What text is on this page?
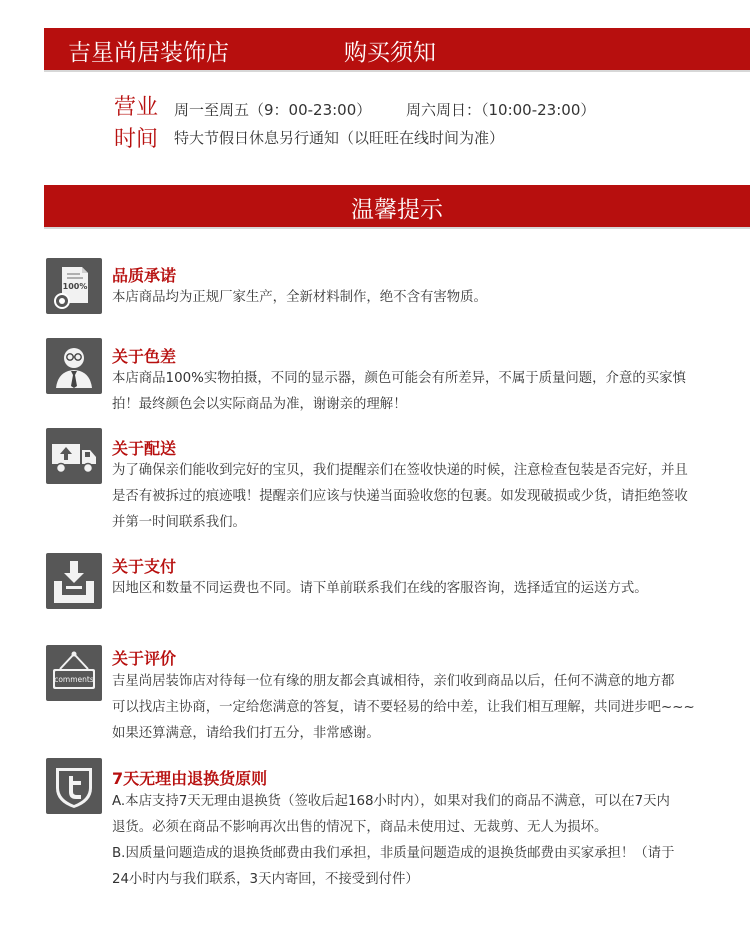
吉星尚居装饰店	购买须知
营业
时间
周一至周五（9：00-23:00） 周六周日：（10:00-23:00）
特大节假日休息另行通知（以旺旺在线时间为准）
温馨提示
100%
品质承诺

本店商品均为正规厂家生产，全新材料制作，绝不含有害物质。

关于色差

本店商品100%实物拍摄，不同的显示器，颜色可能会有所差异，不属于质量问题，介意的买家慎

拍！最终颜色会以实际商品为准，谢谢亲的理解！

关于配送

为了确保亲们能收到完好的宝贝，我们提醒亲们在签收快递的时候，注意检查包装是否完好，并且

是否有被拆过的痕迹哦！提醒亲们应该与快递当面验收您的包裹。如发现破损或少货，请拒绝签收

并第一时间联系我们。

关于支付

因地区和数量不同运费也不同。请下单前联系我们在线的客服咨询，选择适宜的运送方式。

comments
关于评价

吉星尚居装饰店对待每一位有缘的朋友都会真诚相待，亲们收到商品以后，任何不满意的地方都

可以找店主协商，一定给您满意的答复，请不要轻易的给中差，让我们相互理解，共同进步吧~~~

如果还算满意，请给我们打五分，非常感谢。

7天无理由退换货原则

A.本店支持7天无理由退换货（签收后起168小时内），如果对我们的商品不满意，可以在7天内

退货。必须在商品不影响再次出售的情况下，商品未使用过、无裁剪、无人为损坏。

B.因质量问题造成的退换货邮费由我们承担，非质量问题造成的退换货邮费由买家承担！（请于

24小时内与我们联系，3天内寄回，不接受到付件）
